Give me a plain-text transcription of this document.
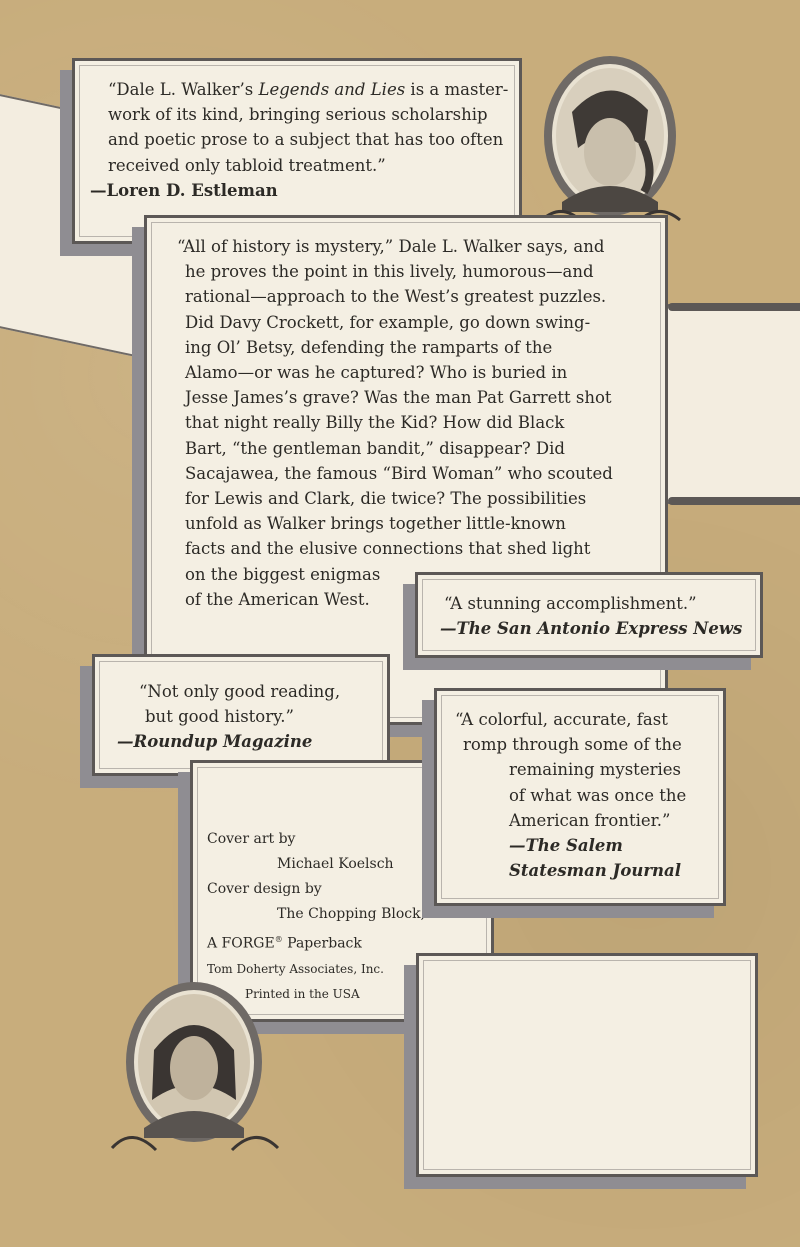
“Dale L. Walker’s Legends and Lies is a master-
work of its kind, bringing serious scholarship
and poetic prose to a subject that has too often
received only tabloid treatment.”
—Loren D. Estleman
“All of history is mystery,” Dale L. Walker says, and
he proves the point in this lively, humorous—and
rational—approach to the West’s greatest puzzles.
Did Davy Crockett, for example, go down swing-
ing Ol’ Betsy, defending the ramparts of the
Alamo—or was he captured? Who is buried in
Jesse James’s grave? Was the man Pat Garrett shot
that night really Billy the Kid? How did Black
Bart, “the gentleman bandit,” disappear? Did
Sacajawea, the famous “Bird Woman” who scouted
for Lewis and Clark, die twice? The possibilities
unfold as Walker brings together little-known
facts and the elusive connections that shed light
on the biggest enigmas
of the American West.	“A stunning accomplishment.”
—The San Antonio Express News
“Not only good reading,
but good history.”
—Roundup Magazine
Cover art by
Michael Koelsch
Cover design by
The Chopping Block, Inc.
A FORGE® Paperback
Tom Doherty Associates, Inc.
Printed in the USA
“A colorful, accurate, fast
romp through some of the
remaining mysteries
of what was once the
American frontier.”
—The Salem
Statesman Journal
